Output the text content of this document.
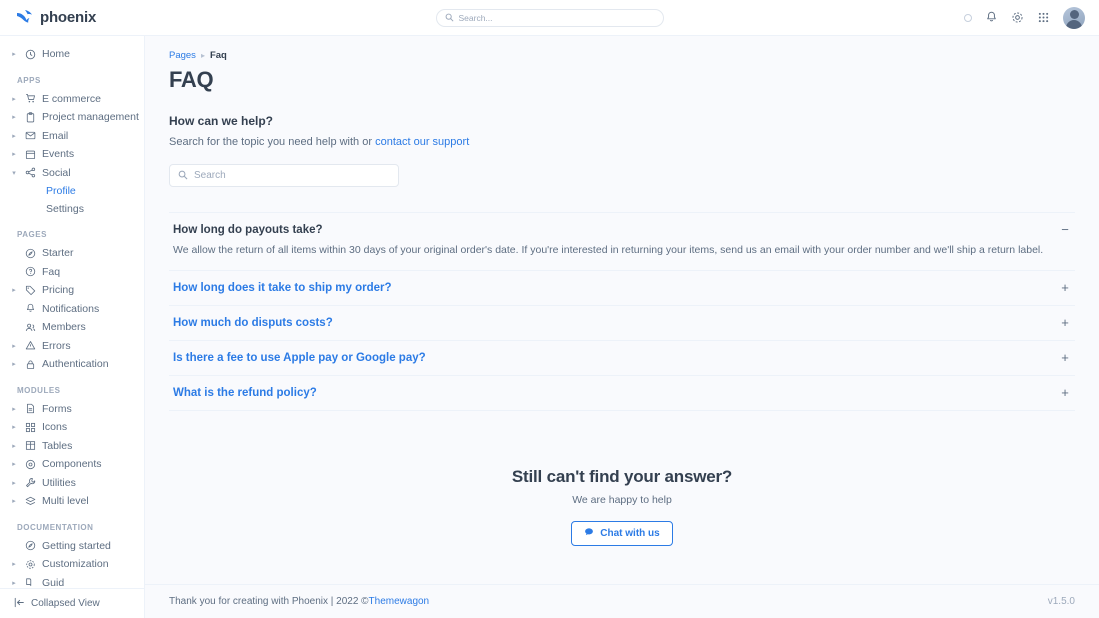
phoenix	Search...
▸	Home
APPS
▸	E commerce
▸	Project management
▸	Email
▸	Events
▾	Social
Profile
Settings
PAGES
Starter
Faq
▸	Pricing
Notifications
Members
▸	Errors
▸	Authentication
MODULES
▸	Forms
▸	Icons
▸	Tables
▸	Components
▸	Utilities
▸	Multi level
DOCUMENTATION
Getting started
▸	Customization
▸	Guid
Collapsed View
Pages ▸ Faq
FAQ
How can we help?
Search for the topic you need help with or contact our support
Search
How long do payouts take?
We allow the return of all items within 30 days of your original order's date. If you're interested in returning your items, send us an email with your order number and we'll ship a return label.
−
How long does it take to ship my order?	+
How much do disputs costs?	+
Is there a fee to use Apple pay or Google pay?	+
What is the refund policy?	+
Still can't find your answer?
We are happy to help
Chat with us
Thank you for creating with Phoenix | 2022 © Themewagon	v1.5.0
